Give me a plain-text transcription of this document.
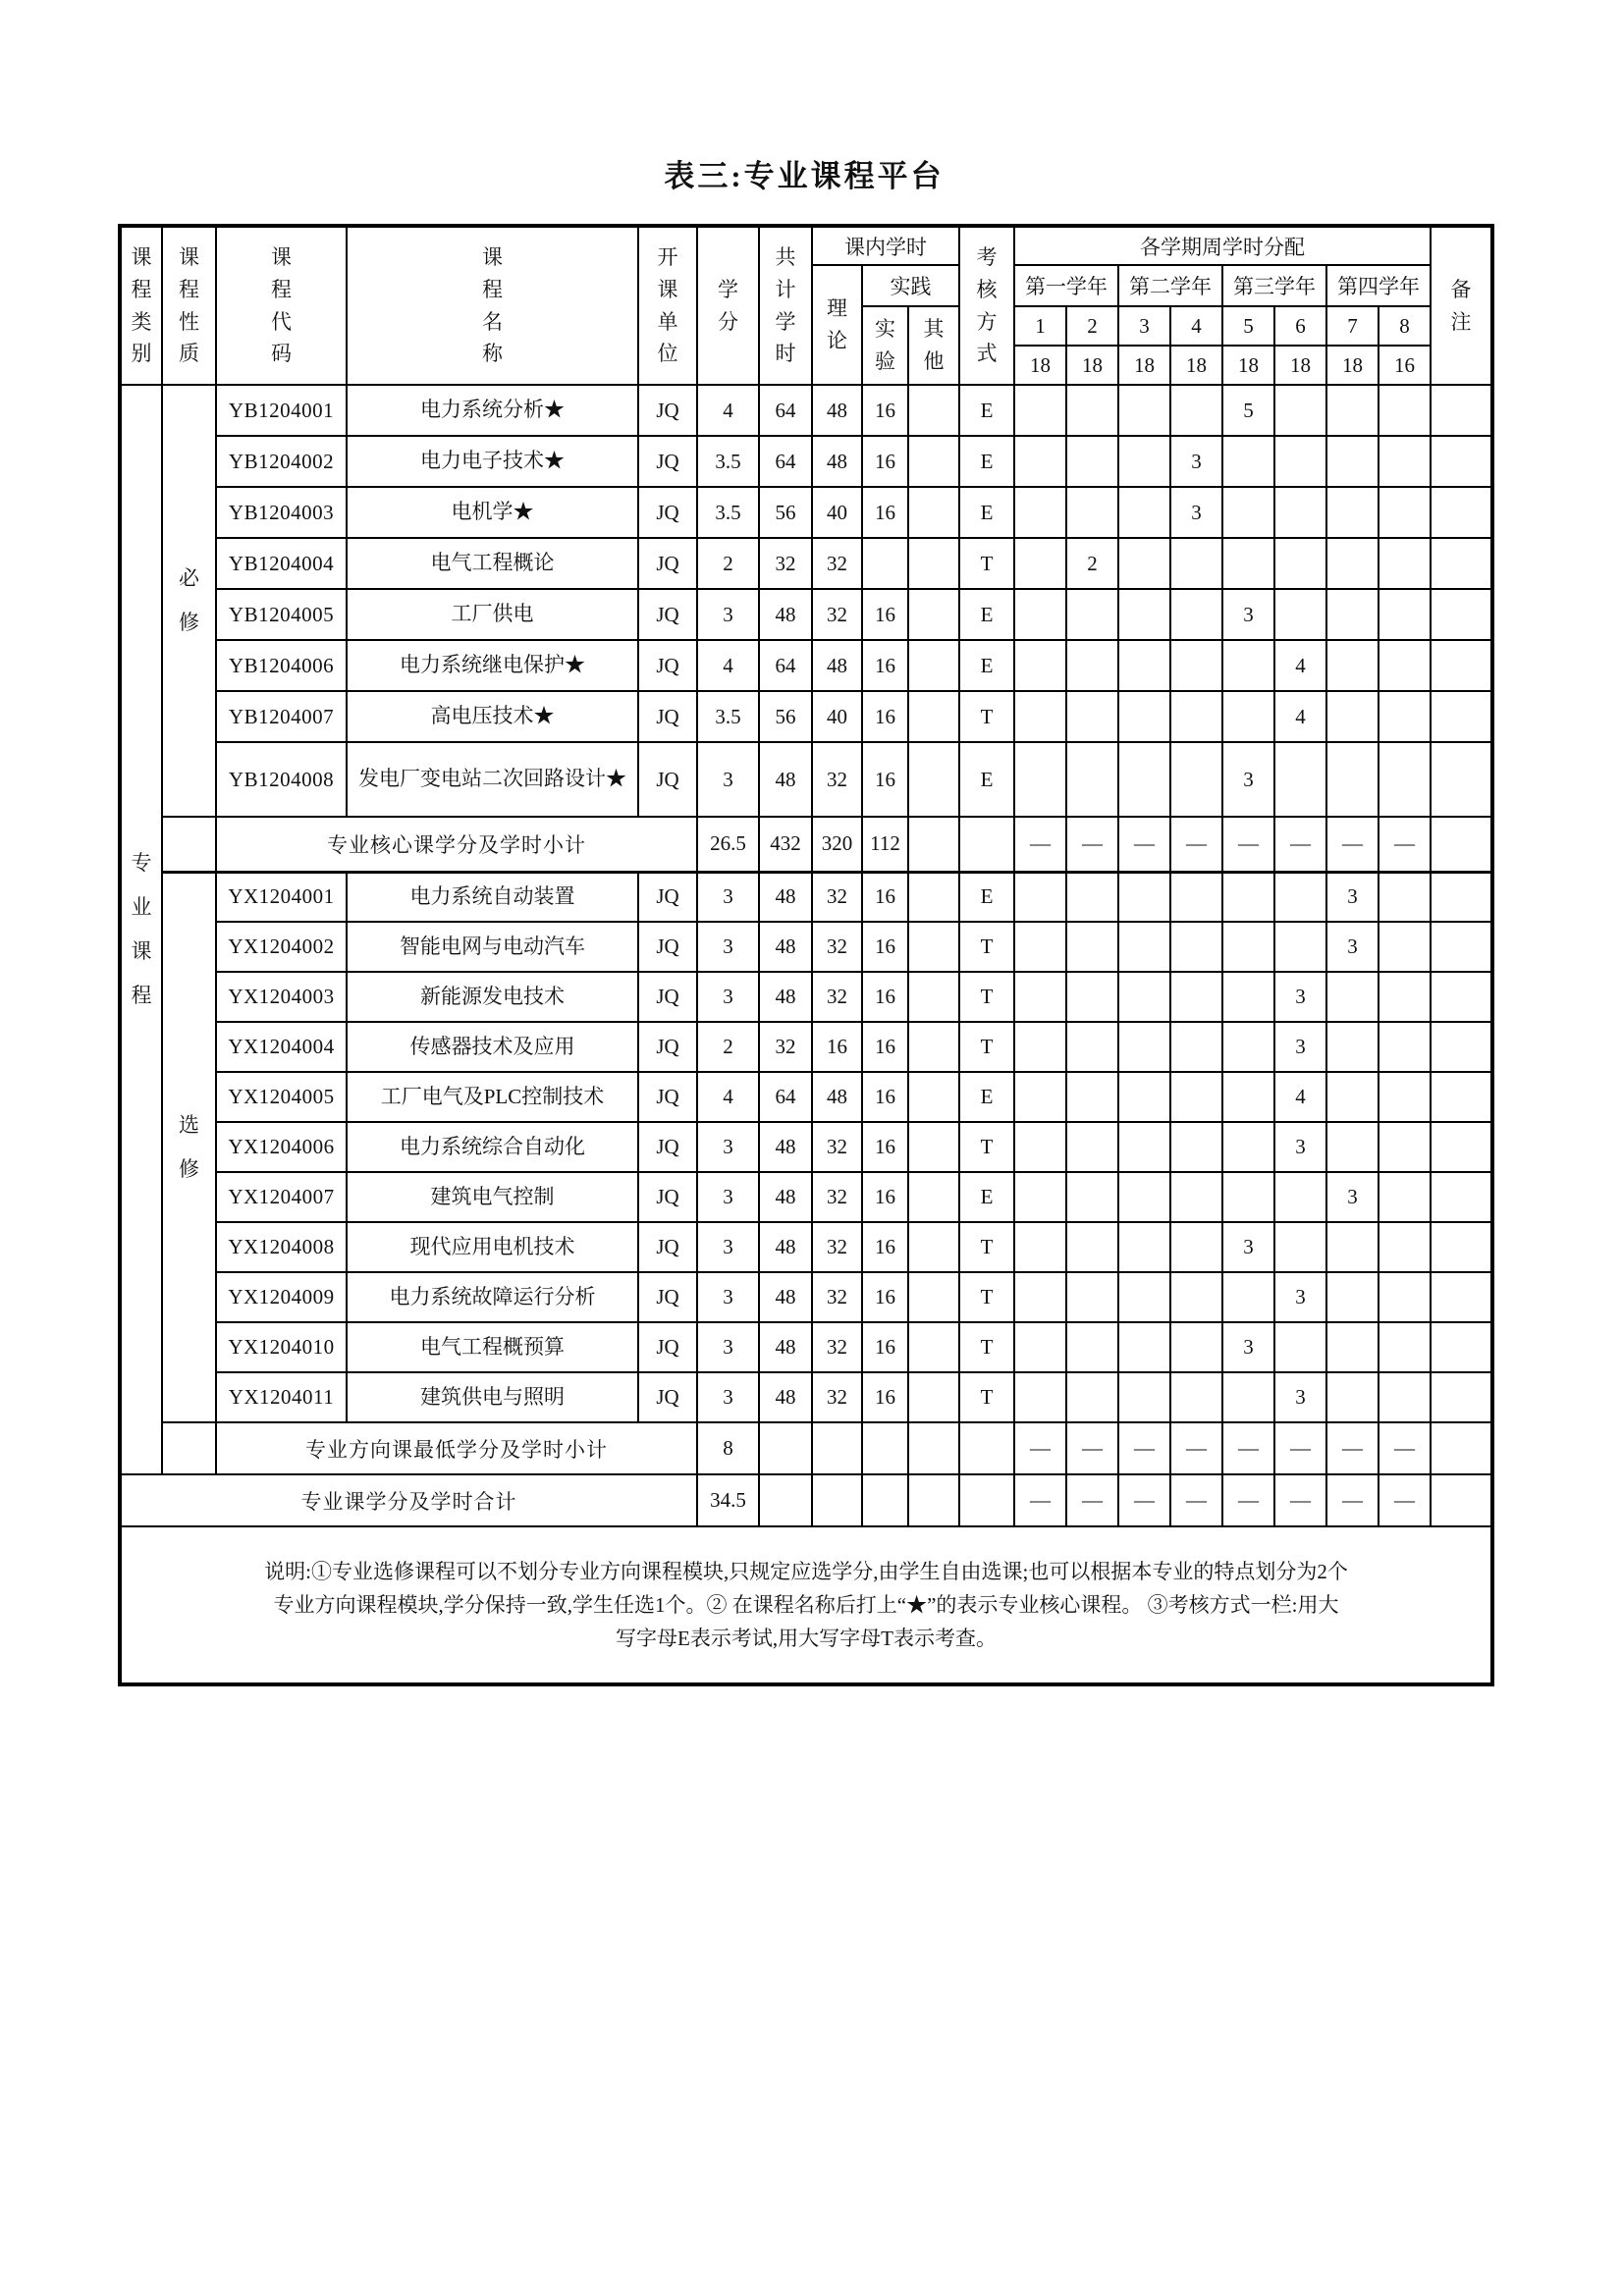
表三:专业课程平台
课程类别	课程性质	课程代码	课程名称	开课单位	学分	共计学时	课内学时			考核方式	各学期周学时分配								备注

							理论	实践			第一学年		第二学年		第三学年		第四学年		

								实验	其他		1	2	3	4	5	6	7	8	
											18	18	18	18	18	18	18	16	

专业课程	必修	YB1204001	电力系统分析★	JQ	4	64	48	16		E					5				
		YB1204002	电力电子技术★	JQ	3.5	64	48	16		E				3					
		YB1204003	电机学★	JQ	3.5	56	40	16		E				3					
		YB1204004	电气工程概论	JQ	2	32	32			T		2							
		YB1204005	工厂供电	JQ	3	48	32	16		E					3				
		YB1204006	电力系统继电保护★	JQ	4	64	48	16		E						4			
		YB1204007	高电压技术★	JQ	3.5	56	40	16		T						4			
		YB1204008	发电厂变电站二次回路设计★	JQ	3	48	32	16		E					3				
		专业核心课学分及学时小计			26.5	432	320	112			—	—	—	—	—	—	—	—	

	选修	YX1204001	电力系统自动装置	JQ	3	48	32	16		E							3		
		YX1204002	智能电网与电动汽车	JQ	3	48	32	16		T							3		
		YX1204003	新能源发电技术	JQ	3	48	32	16		T						3			
		YX1204004	传感器技术及应用	JQ	2	32	16	16		T						3			
		YX1204005	工厂电气及PLC控制技术	JQ	4	64	48	16		E						4			
		YX1204006	电力系统综合自动化	JQ	3	48	32	16		T						3			
		YX1204007	建筑电气控制	JQ	3	48	32	16		E							3		
		YX1204008	现代应用电机技术	JQ	3	48	32	16		T					3				
		YX1204009	电力系统故障运行分析	JQ	3	48	32	16		T						3			
		YX1204010	电气工程概预算	JQ	3	48	32	16		T					3				
		YX1204011	建筑供电与照明	JQ	3	48	32	16		T						3			
		专业方向课最低学分及学时小计			8						—	—	—	—	—	—	—	—	
专业课学分及学时合计					34.5						—	—	—	—	—	—	—	—	

说明:①专业选修课程可以不划分专业方向课程模块,只规定应选学分,由学生自由选课;也可以根据本专业的特点划分为2个
专业方向课程模块,学分保持一致,学生任选1个。② 在课程名称后打上“★”的表示专业核心课程。 ③考核方式一栏:用大
写字母E表示考试,用大写字母T表示考查。																			
